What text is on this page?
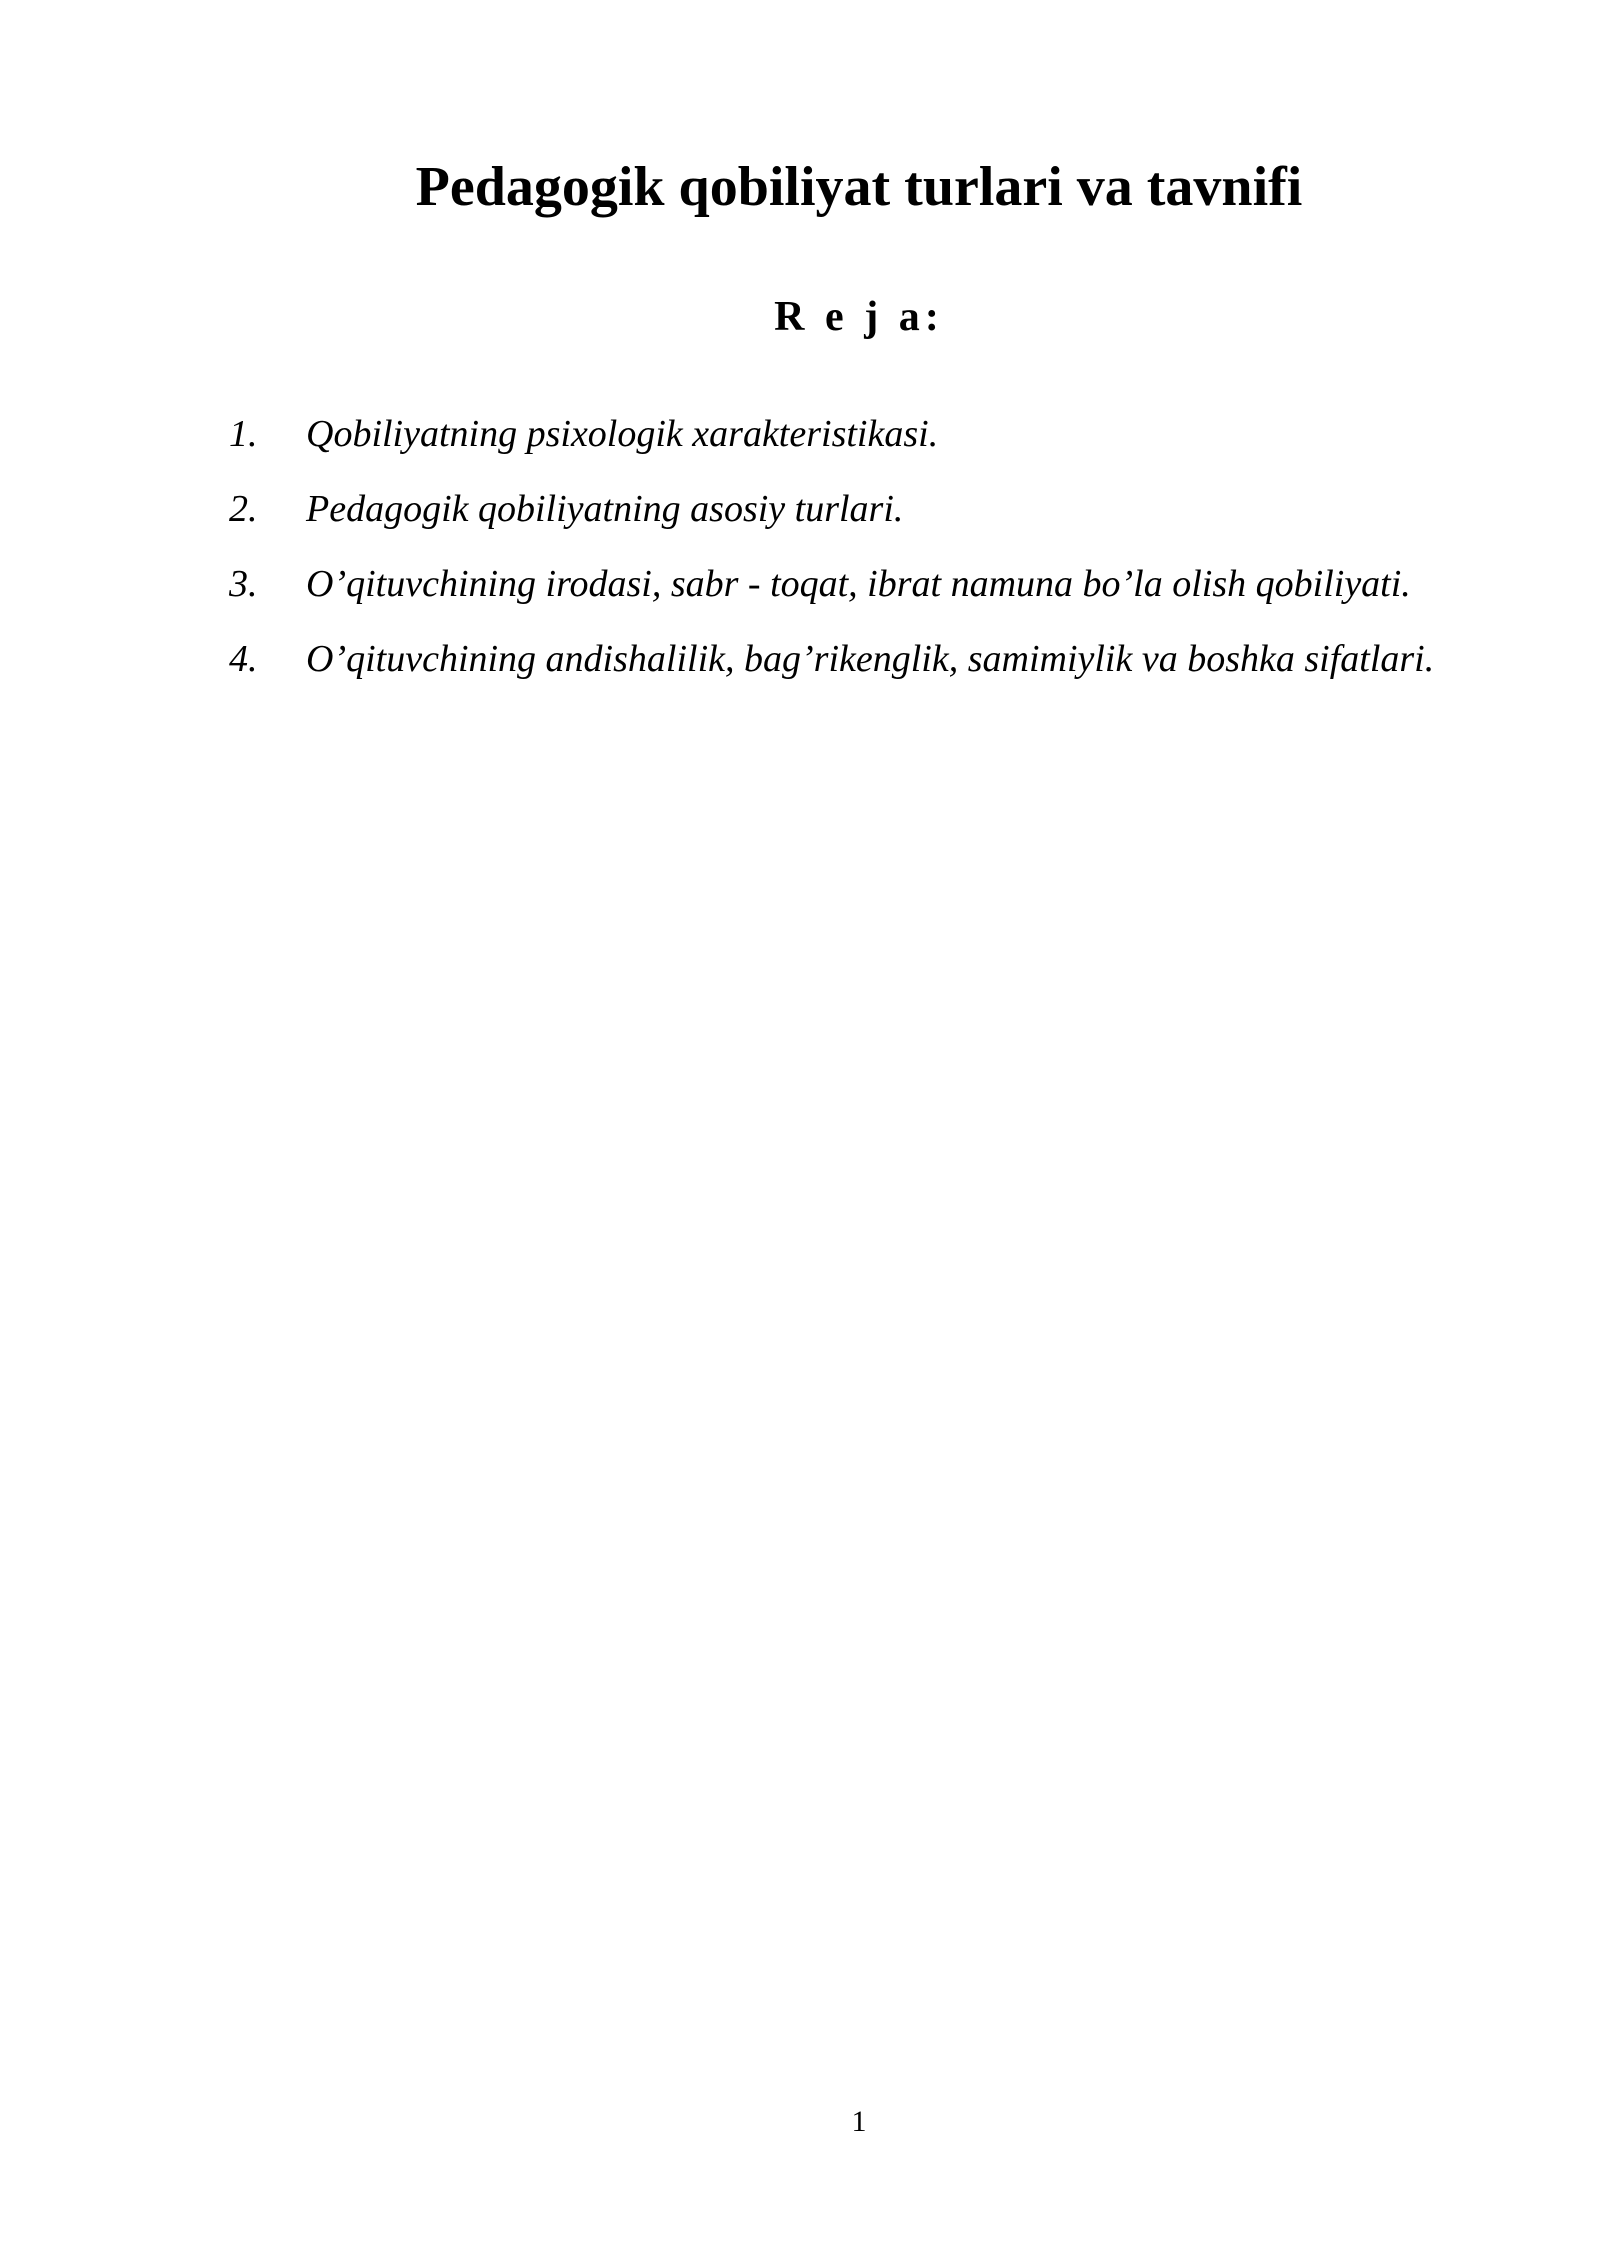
Pedagogik qobiliyat turlari va tavnifi
R e j a:
1. Qobiliyatning psixologik xarakteristikasi.
2. Pedagogik qobiliyatning asosiy turlari.
3. O’qituvchining irodasi, sabr - toqat, ibrat namuna bo’la olish qobiliyati.
4. O’qituvchining andishalilik, bag’rikenglik, samimiylik va boshka sifatlari.
1
